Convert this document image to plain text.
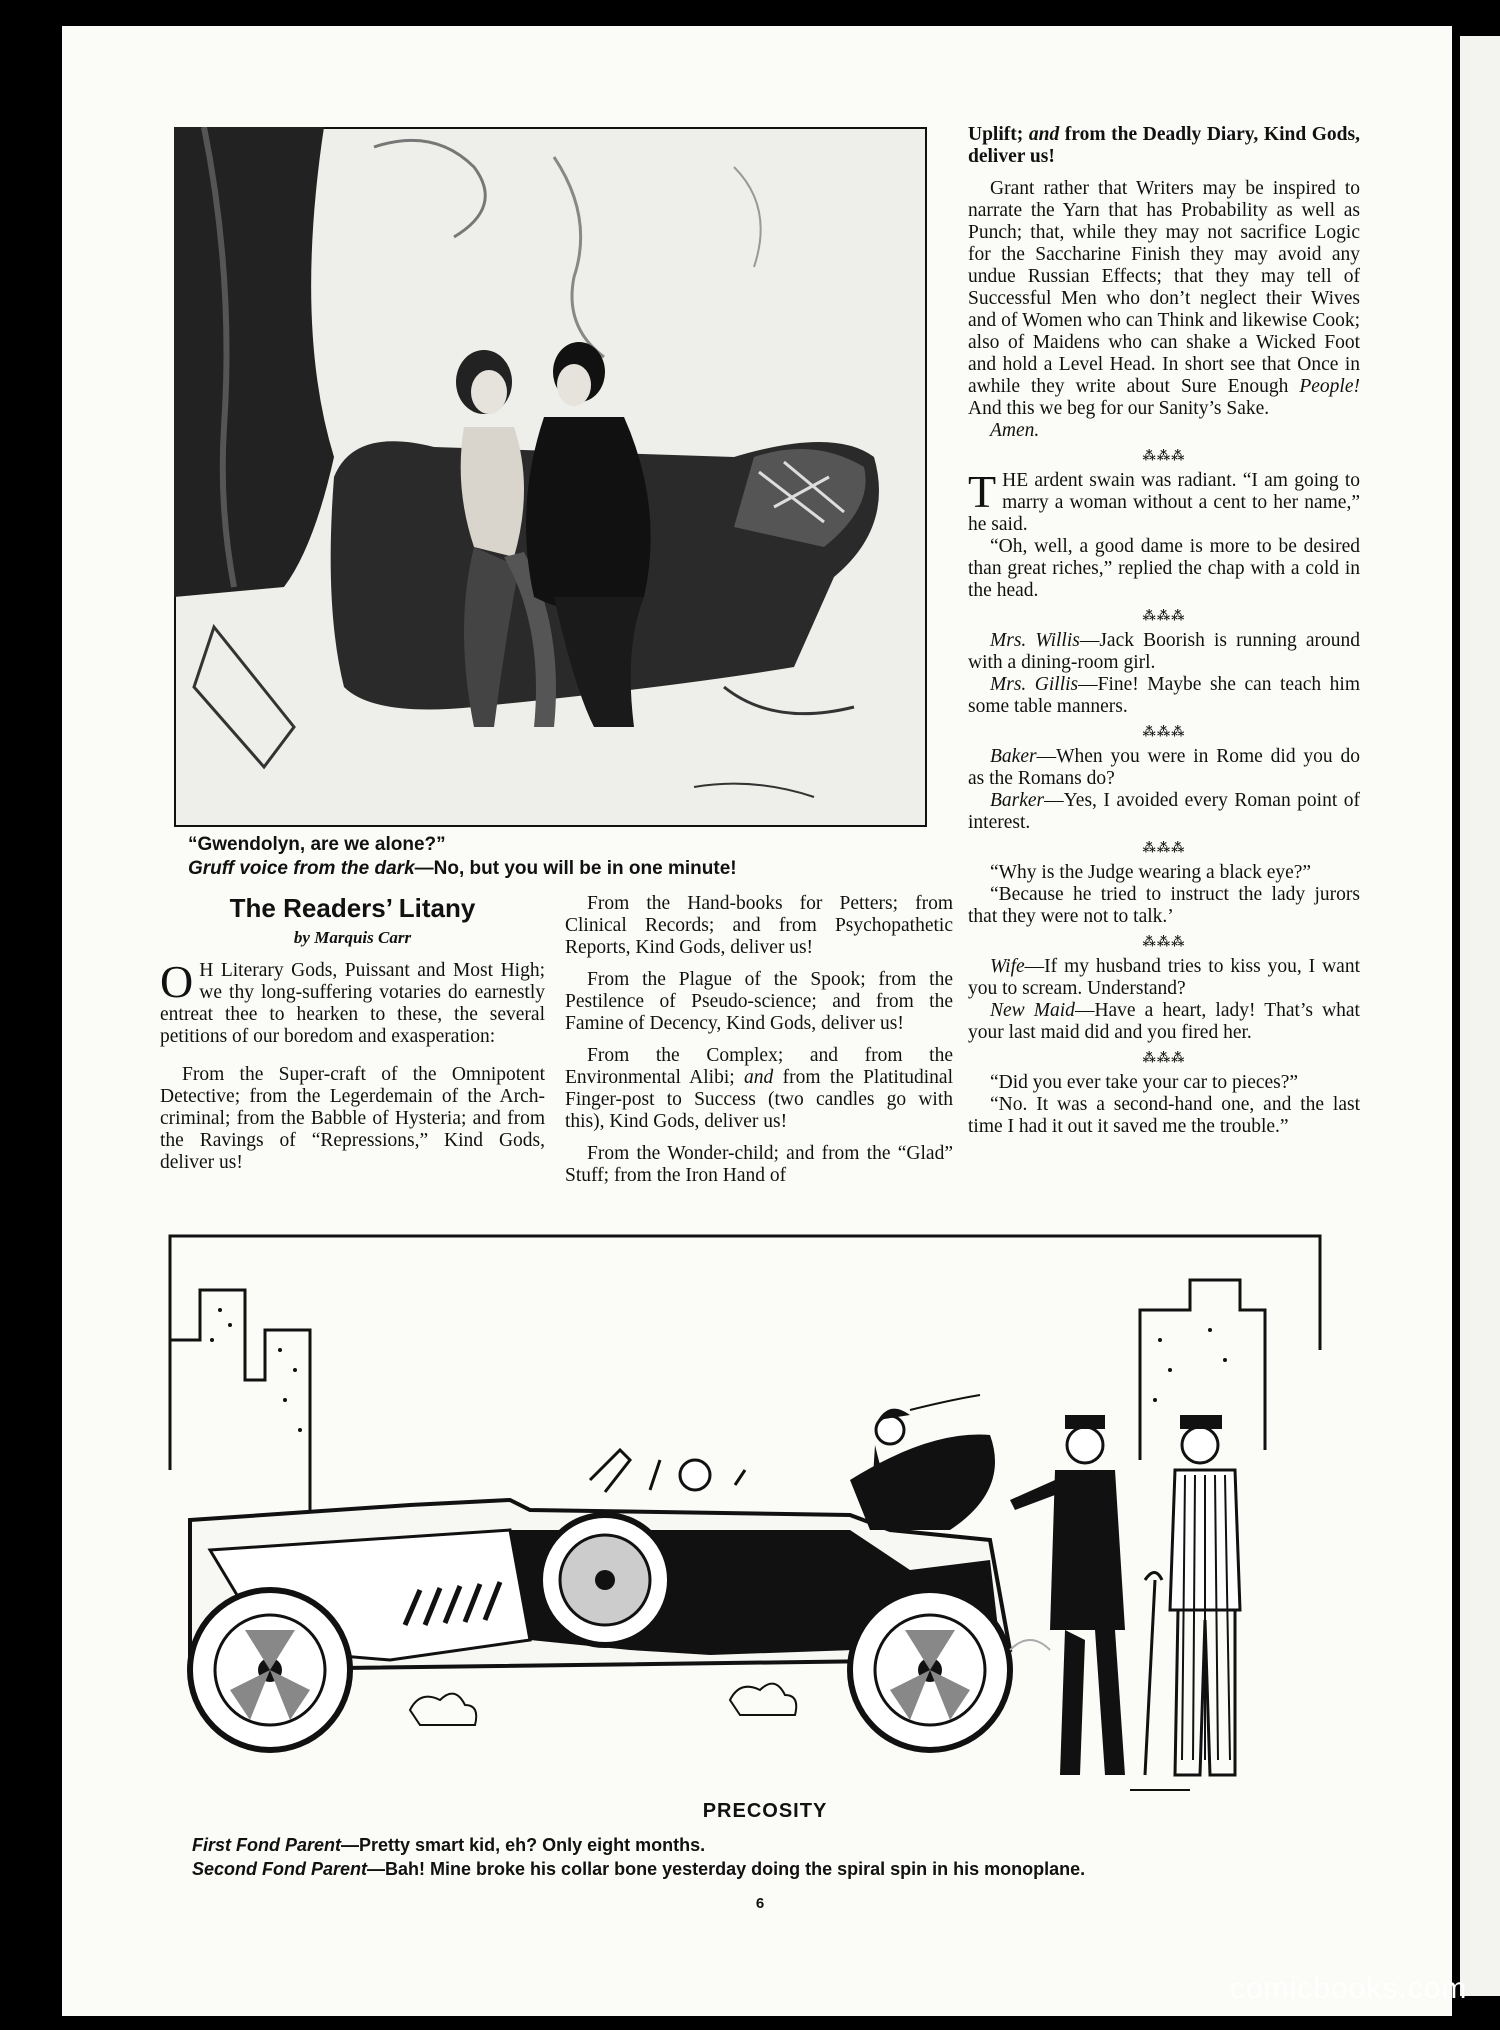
“Gwendolyn, are we alone?”
Gruff voice from the dark—No, but you will be in one minute!
The Readers’ Litany
by Marquis Carr

O H Literary Gods, Puissant and Most High; we thy long-suffering votaries do earnestly entreat thee to hearken to these, the several petitions of our boredom and exasperation:

From the Super-craft of the Omnipotent Detective; from the Legerdemain of the Arch-criminal; from the Babble of Hysteria; and from the Ravings of “Repressions,” Kind Gods, deliver us!

From the Hand-books for Petters; from Clinical Records; and from Psychopathetic Reports, Kind Gods, deliver us!

From the Plague of the Spook; from the Pestilence of Pseudo-science; and from the Famine of Decency, Kind Gods, deliver us!

From the Complex; and from the Environmental Alibi; and from the Platitudinal Finger-post to Success (two candles go with this), Kind Gods, deliver us!

From the Wonder-child; and from the “Glad” Stuff; from the Iron Hand of

Uplift; and from the Deadly Diary, Kind Gods, deliver us!

Grant rather that Writers may be inspired to narrate the Yarn that has Probability as well as Punch; that, while they may not sacrifice Logic for the Saccharine Finish they may avoid any undue Russian Effects; that they may tell of Successful Men who don’t neglect their Wives and of Women who can Think and likewise Cook; also of Maidens who can shake a Wicked Foot and hold a Level Head. In short see that Once in awhile they write about Sure Enough People! And this we beg for our Sanity’s Sake.

Amen.

⁂⁂⁂

THE ardent swain was radiant. “I am going to marry a woman without a cent to her name,” he said.

“Oh, well, a good dame is more to be desired than great riches,” replied the chap with a cold in the head.

⁂⁂⁂

Mrs. Willis—Jack Boorish is running around with a dining-room girl.

Mrs. Gillis—Fine! Maybe she can teach him some table manners.

⁂⁂⁂

Baker—When you were in Rome did you do as the Romans do?

Barker—Yes, I avoided every Roman point of interest.

⁂⁂⁂

“Why is the Judge wearing a black eye?”

“Because he tried to instruct the lady jurors that they were not to talk.’

⁂⁂⁂

Wife—If my husband tries to kiss you, I want you to scream. Understand?

New Maid—Have a heart, lady! That’s what your last maid did and you fired her.

⁂⁂⁂

“Did you ever take your car to pieces?”

“No. It was a second-hand one, and the last time I had it out it saved me the trouble.”

PRECOSITY
First Fond Parent—Pretty smart kid, eh? Only eight months.
Second Fond Parent—Bah! Mine broke his collar bone yesterday doing the spiral spin in his monoplane.
6
comicbooks.com
